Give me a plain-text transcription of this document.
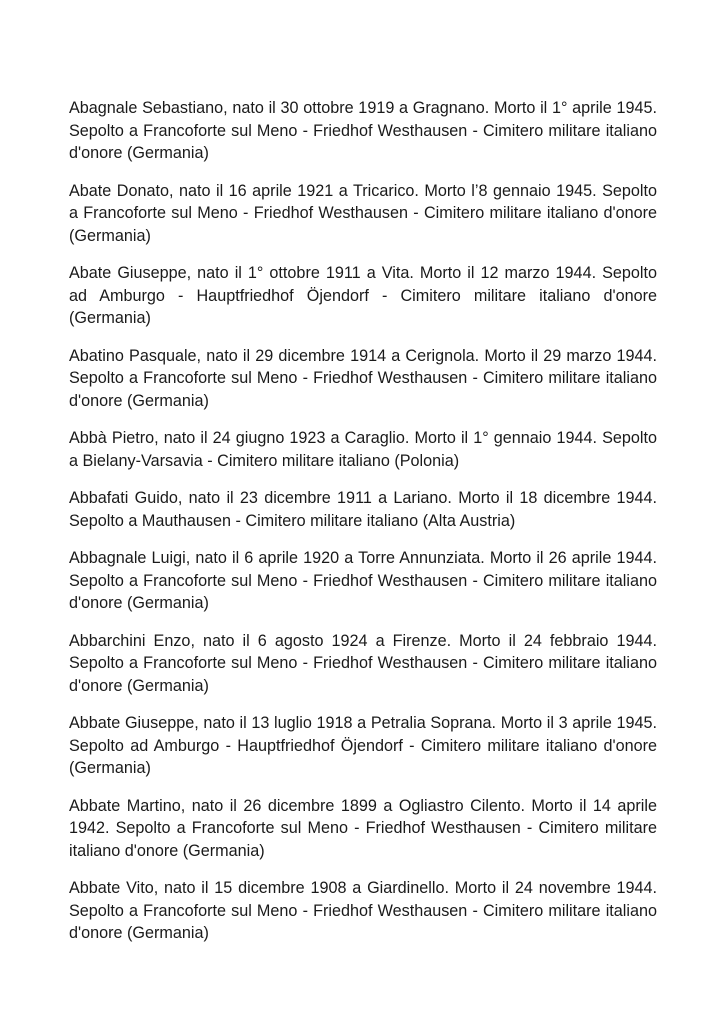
Abagnale Sebastiano, nato il 30 ottobre 1919 a Gragnano. Morto il 1° aprile 1945. Sepolto a Francoforte sul Meno - Friedhof Westhausen - Cimitero militare italiano d'onore (Germania)
Abate Donato, nato il 16 aprile 1921 a Tricarico. Morto l’8 gennaio 1945. Sepolto a Francoforte sul Meno - Friedhof Westhausen - Cimitero militare italiano d'onore (Germania)
Abate Giuseppe, nato il 1° ottobre 1911 a Vita. Morto il 12 marzo 1944. Sepolto ad Amburgo - Hauptfriedhof Öjendorf - Cimitero militare italiano d'onore (Germania)
Abatino Pasquale, nato il 29 dicembre 1914 a Cerignola. Morto il 29 marzo 1944. Sepolto a Francoforte sul Meno - Friedhof Westhausen - Cimitero militare italiano d'onore (Germania)
Abbà Pietro, nato il 24 giugno 1923 a Caraglio. Morto il 1° gennaio 1944. Sepolto a Bielany-Varsavia - Cimitero militare italiano (Polonia)
Abbafati Guido, nato il 23 dicembre 1911 a Lariano. Morto il 18 dicembre 1944. Sepolto a Mauthausen - Cimitero militare italiano (Alta Austria)
Abbagnale Luigi, nato il 6 aprile 1920 a Torre Annunziata. Morto il 26 aprile 1944. Sepolto a Francoforte sul Meno - Friedhof Westhausen - Cimitero militare italiano d'onore (Germania)
Abbarchini Enzo, nato il 6 agosto 1924 a Firenze. Morto il 24 febbraio 1944. Sepolto a Francoforte sul Meno - Friedhof Westhausen - Cimitero militare italiano d'onore (Germania)
Abbate Giuseppe, nato il 13 luglio 1918 a Petralia Soprana. Morto il 3 aprile 1945. Sepolto ad Amburgo - Hauptfriedhof Öjendorf - Cimitero militare italiano d'onore (Germania)
Abbate Martino, nato il 26 dicembre 1899 a Ogliastro Cilento. Morto il 14 aprile 1942. Sepolto a Francoforte sul Meno - Friedhof Westhausen - Cimitero militare italiano d'onore (Germania)
Abbate Vito, nato il 15 dicembre 1908 a Giardinello. Morto il 24 novembre 1944. Sepolto a Francoforte sul Meno - Friedhof Westhausen - Cimitero militare italiano d'onore (Germania)
